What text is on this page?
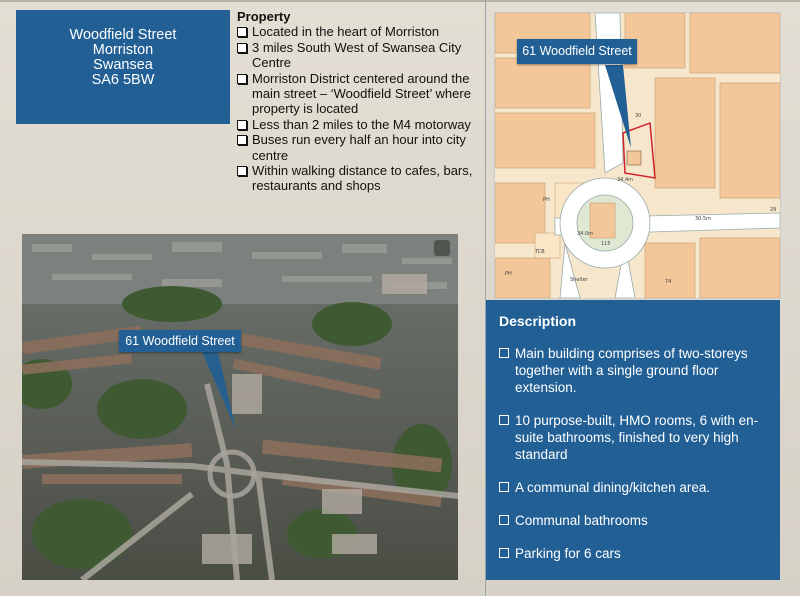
Woodfield Street
Morriston
Swansea
SA6 5BW
Property
Located in the heart of Morriston
3 miles South West of Swansea City Centre
Morriston District centered around the main street – ‘Woodfield Street’ where property is located
Less than 2 miles to the M4 motorway
Buses run every half an hour into city centre
Within walking distance to cafes, bars, restaurants and shops
61 Woodfield Street
34.4m
30.5m
34.0m
29
PH
PH
Shelter
TCB
115
74
30
61 Woodfield Street
Description
Main building comprises of two-storeys together with a single ground floor extension.
10 purpose-built, HMO rooms, 6 with en-suite bathrooms, finished to very high standard
A communal dining/kitchen area.
Communal bathrooms
Parking for 6 cars
